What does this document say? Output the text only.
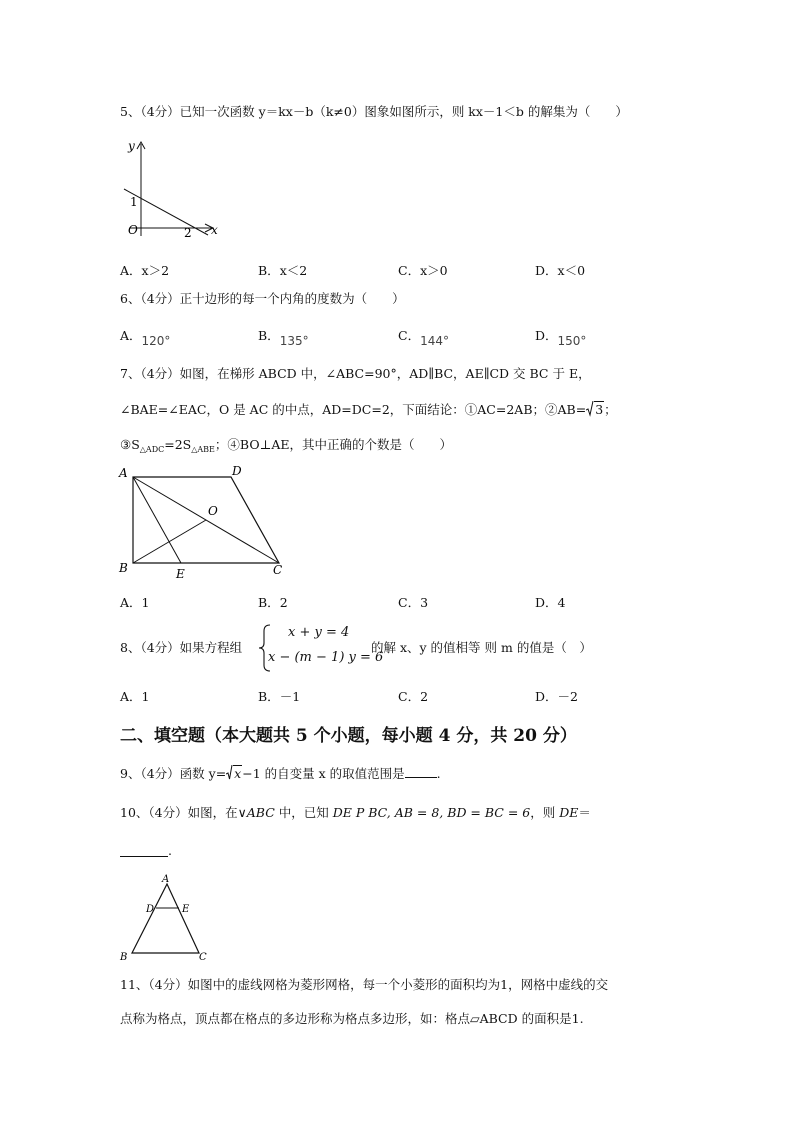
5、（4分）已知一次函数 y＝kx－b（k≠0）图象如图所示，则 kx－1＜b 的解集为（　　）
y
x
O
1
2
A．x＞2	B．x＜2	C．x＞0	D．x＜0
6、（4分）正十边形的每一个内角的度数为（　　）
A．120°	B．135°	C．144°	D．150°
7、（4分）如图，在梯形 ABCD 中，∠ABC=90°，AD∥BC，AE∥CD 交 BC 于 E，
∠BAE=∠EAC，O 是 AC 的中点，AD=DC=2，下面结论：①AC=2AB；②AB= 3；
$③S_{\triangle ADC}=2S_{\triangle ABE}$；④BO⊥AE，其中正确的个数是（　　）
A	D
O
B	E	C
A．1	B．2	C．3	D．4
8、（4分）如果方程组
x + y = 4
x − (m − 1) y = 6
的解 x、y 的值相等 则 m 的值是（　）
A．1	B．－1	C．2	D．－2
二、填空题（本大题共 5 个小题，每小题 4 分，共 20 分）
9、（4分）函数 y= x−1 的自变量 x 的取值范围是	.
10、（4分）如图，在∨ABC 中，已知 DE P BC, AB = 8, BD = BC = 6，则 DE＝
.
A
D	E
B	C
11、（4分）如图中的虚线网格为菱形网格，每一个小菱形的面积均为1，网格中虚线的交
点称为格点，顶点都在格点的多边形称为格点多边形，如：格点▱ABCD 的面积是1.
